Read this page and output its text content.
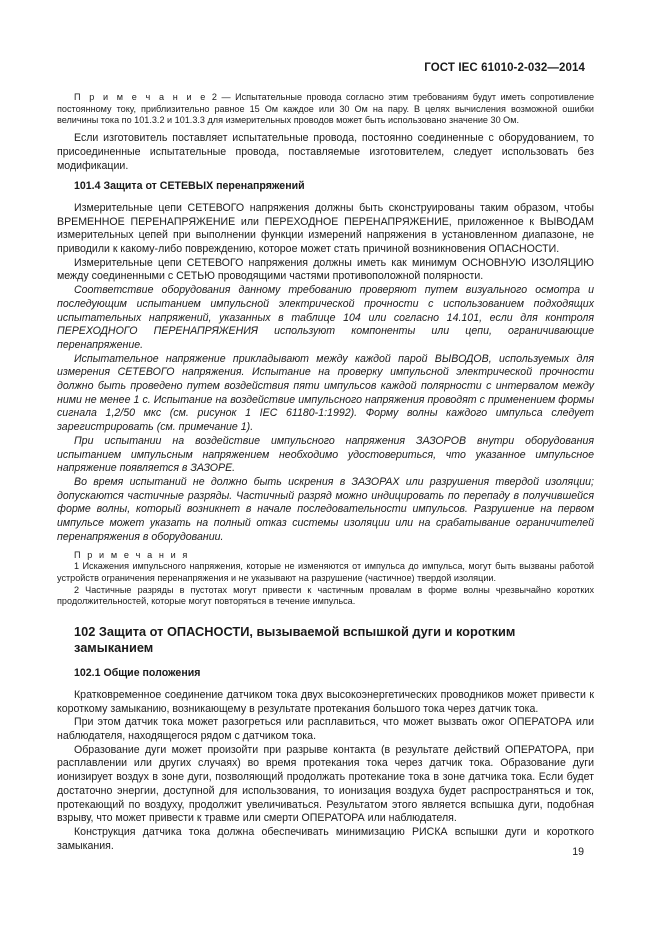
ГОСТ IEC 61010-2-032—2014

П р и м е ч а н и е 2 — Испытательные провода согласно этим требованиям будут иметь сопротивление постоянному току, приблизительно равное 15 Ом каждое или 30 Ом на пару. В целях вычисления возможной ошибки величины тока по 101.3.2 и 101.3.3 для измерительных проводов может быть использовано значение 30 Ом.

Если изготовитель поставляет испытательные провода, постоянно соединенные с оборудованием, то присоединенные испытательные провода, поставляемые изготовителем, следует использовать без модификации.

101.4 Защита от СЕТЕВЫХ перенапряжений

Измерительные цепи СЕТЕВОГО напряжения должны быть сконструированы таким образом, чтобы ВРЕМЕННОЕ ПЕРЕНАПРЯЖЕНИЕ или ПЕРЕХОДНОЕ ПЕРЕНАПРЯЖЕНИЕ, приложенное к ВЫВОДАМ измерительных цепей при выполнении функции измерений напряжения в установленном диапазоне, не приводили к какому-либо повреждению, которое может стать причиной возникновения ОПАСНОСТИ.

Измерительные цепи СЕТЕВОГО напряжения должны иметь как минимум ОСНОВНУЮ ИЗОЛЯЦИЮ между соединенными с СЕТЬЮ проводящими частями противоположной полярности.

Соответствие оборудования данному требованию проверяют путем визуального осмотра и последующим испытанием импульсной электрической прочности с использованием подходящих испытательных напряжений, указанных в таблице 104 или согласно 14.101, если для контроля ПЕРЕХОДНОГО ПЕРЕНАПРЯЖЕНИЯ используют компоненты или цепи, ограничивающие перенапряжение.

Испытательное напряжение прикладывают между каждой парой ВЫВОДОВ, используемых для измерения СЕТЕВОГО напряжения. Испытание на проверку импульсной электрической прочности должно быть проведено путем воздействия пяти импульсов каждой полярности с интервалом между ними не менее 1 с. Испытание на воздействие импульсного напряжения проводят с применением формы сигнала 1,2/50 мкс (см. рисунок 1 IEC 61180-1:1992). Форму волны каждого импульса следует зарегистрировать (см. примечание 1).

При испытании на воздействие импульсного напряжения ЗАЗОРОВ внутри оборудования испытанием импульсным напряжением необходимо удостовериться, что указанное импульсное напряжение появляется в ЗАЗОРЕ.

Во время испытаний не должно быть искрения в ЗАЗОРАХ или разрушения твердой изоляции; допускаются частичные разряды. Частичный разряд можно индицировать по перепаду в получившейся форме волны, который возникнет в начале последовательности импульсов. Разрушение на первом импульсе может указать на полный отказ системы изоляции или на срабатывание ограничителей перенапряжения в оборудовании.

П р и м е ч а н и я

1 Искажения импульсного напряжения, которые не изменяются от импульса до импульса, могут быть вызваны работой устройств ограничения перенапряжения и не указывают на разрушение (частичное) твердой изоляции.

2 Частичные разряды в пустотах могут привести к частичным провалам в форме волны чрезвычайно коротких продолжительностей, которые могут повторяться в течение импульса.

102 Защита от ОПАСНОСТИ, вызываемой вспышкой дуги и коротким замыканием
102.1 Общие положения

Кратковременное соединение датчиком тока двух высокоэнергетических проводников может привести к короткому замыканию, возникающему в результате протекания большого тока через датчик тока.

При этом датчик тока может разогреться или расплавиться, что может вызвать ожог ОПЕРАТОРА или наблюдателя, находящегося рядом с датчиком тока.

Образование дуги может произойти при разрыве контакта (в результате действий ОПЕРАТОРА, при расплавлении или других случаях) во время протекания тока через датчик тока. Образование дуги ионизирует воздух в зоне дуги, позволяющий продолжать протекание тока в зоне датчика тока. Если будет достаточно энергии, доступной для использования, то ионизация воздуха будет распространяться и ток, протекающий по воздуху, продолжит увеличиваться. Результатом этого является вспышка дуги, подобная взрыву, что может привести к травме или смерти ОПЕРАТОРА или наблюдателя.

Конструкция датчика тока должна обеспечивать минимизацию РИСКА вспышки дуги и короткого замыкания.

19
